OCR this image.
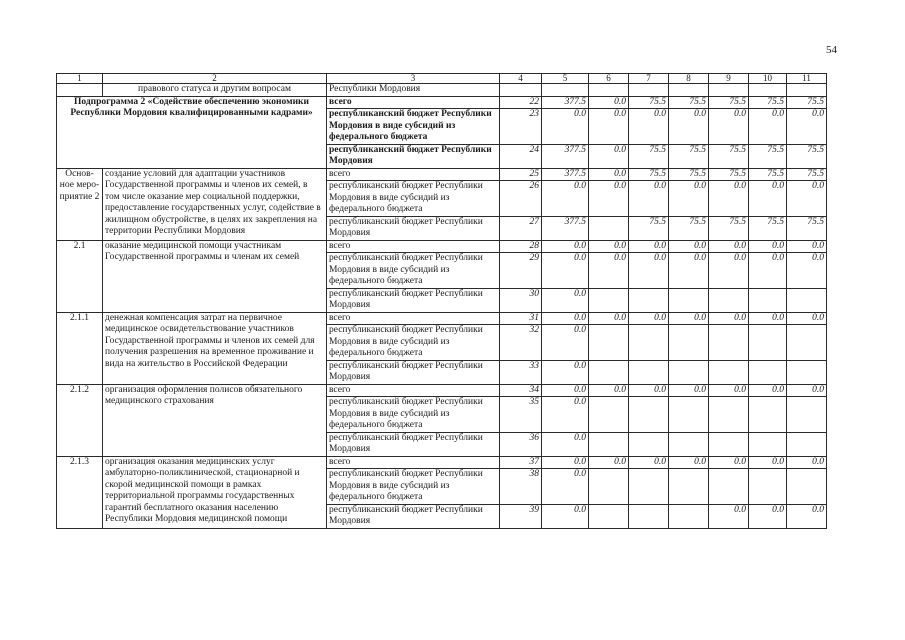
54
1	2	3	4	5	6	7	8	9	10	11
	правового статуса и другим вопросам	Республики Мордовия								
Подпрограмма 2 «Содействие обеспечению экономики Республики Мордовия квалифицированными кадрами»		всего	22	377.5	0.0	75.5	75.5	75.5	75.5	75.5
		республиканский бюджет Республики Мордовия в виде субсидий из федерального бюджета	23	0.0	0.0	0.0	0.0	0.0	0.0	0.0
		республиканский бюджет Республики Мордовия	24	377.5	0.0	75.5	75.5	75.5	75.5	75.5
Основ-ное меро-приятие 2	создание условий для адаптации участников Государственной программы и членов их семей, в том числе оказание мер социальной поддержки, предоставление государственных услуг, содействие в жилищном обустройстве, в целях их закрепления на территории Республики Мордовия	всего	25	377.5	0.0	75.5	75.5	75.5	75.5	75.5
		республиканский бюджет Республики Мордовия в виде субсидий из федерального бюджета	26	0.0	0.0	0.0	0.0	0.0	0.0	0.0
		республиканский бюджет Республики Мордовия	27	377.5		75.5	75.5	75.5	75.5	75.5
2.1	оказание медицинской помощи участникам Государственной программы и членам их семей	всего	28	0.0	0.0	0.0	0.0	0.0	0.0	0.0
		республиканский бюджет Республики Мордовия в виде субсидий из федерального бюджета	29	0.0	0.0	0.0	0.0	0.0	0.0	0.0
		республиканский бюджет Республики Мордовия	30	0.0						
2.1.1	денежная компенсация затрат на первичное медицинское освидетельствование участников Государственной программы и членов их семей для получения разрешения на временное проживание и вида на жительство в Российской Федерации	всего	31	0.0	0.0	0.0	0.0	0.0	0.0	0.0
		республиканский бюджет Республики Мордовия в виде субсидий из федерального бюджета	32	0.0						
		республиканский бюджет Республики Мордовия	33	0.0						
2.1.2	организация оформления полисов обязательного медицинского страхования	всего	34	0.0	0.0	0.0	0.0	0.0	0.0	0.0
		республиканский бюджет Республики Мордовия в виде субсидий из федерального бюджета	35	0.0						
		республиканский бюджет Республики Мордовия	36	0.0						
2.1.3	организация оказания медицинских услуг амбулаторно-поликлинической, стационарной и скорой медицинской помощи в рамках территориальной программы государственных гарантий бесплатного оказания населению Республики Мордовия медицинской помощи	всего	37	0.0	0.0	0.0	0.0	0.0	0.0	0.0
		республиканский бюджет Республики Мордовия в виде субсидий из федерального бюджета	38	0.0						
		республиканский бюджет Республики Мордовия	39	0.0				0.0	0.0	0.0
